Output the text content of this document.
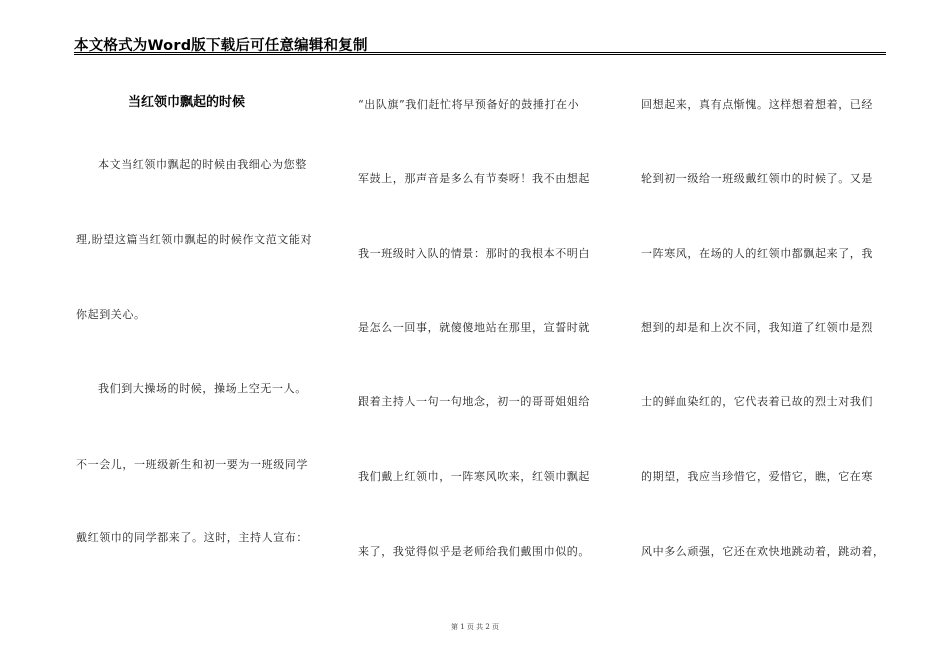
本文格式为Word版下载后可任意编辑和复制
当红领巾飘起的时候
本文当红领巾飘起的时候由我细心为您整
理,盼望这篇当红领巾飘起的时候作文范文能对
你起到关心。
我们到大操场的时候，操场上空无一人。
不一会儿，一班级新生和初一要为一班级同学
戴红领巾的同学都来了。这时，主持人宣布：
“出队旗”我们赶忙将早预备好的鼓捶打在小
军鼓上，那声音是多么有节奏呀！我不由想起
我一班级时入队的情景：那时的我根本不明白
是怎么一回事，就傻傻地站在那里，宣誓时就
跟着主持人一句一句地念，初一的哥哥姐姐给
我们戴上红领巾，一阵寒风吹来，红领巾飘起
来了，我觉得似乎是老师给我们戴围巾似的。
回想起来，真有点惭愧。这样想着想着，已经
轮到初一级给一班级戴红领巾的时候了。又是
一阵寒风，在场的人的红领巾都飘起来了，我
想到的却是和上次不同，我知道了红领巾是烈
士的鲜血染红的，它代表着已故的烈士对我们
的期望，我应当珍惜它，爱惜它，瞧，它在寒
风中多么顽强，它还在欢快地跳动着，跳动着，
第 1 页 共 2 页
